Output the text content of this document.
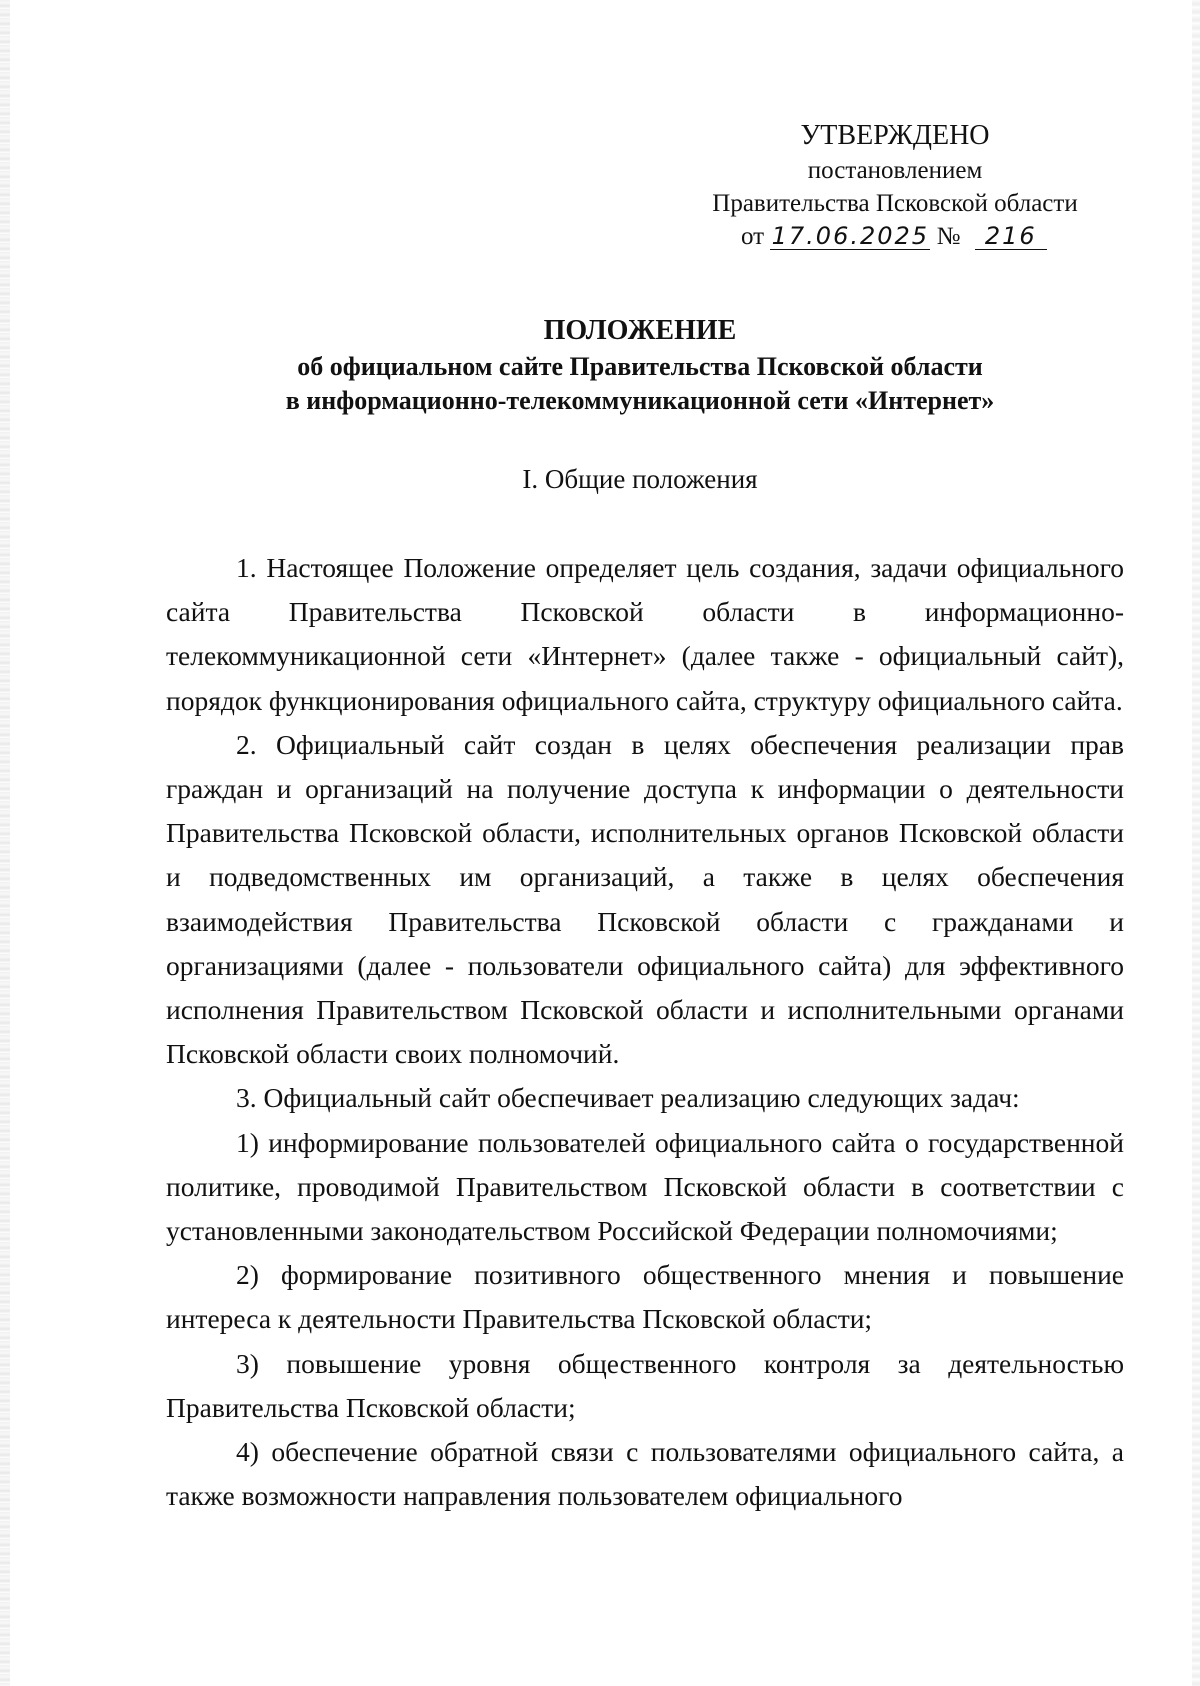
УТВЕРЖДЕНО
постановлением
Правительства Псковской области
от 17.06.2025 № 216
ПОЛОЖЕНИЕ
об официальном сайте Правительства Псковской области
в информационно-телекоммуникационной сети «Интернет»
I. Общие положения

1. Настоящее Положение определяет цель создания, задачи официального сайта Правительства Псковской области в информационно-телекоммуникационной сети «Интернет» (далее также - официальный сайт), порядок функционирования официального сайта, структуру официального сайта.

2. Официальный сайт создан в целях обеспечения реализации прав граждан и организаций на получение доступа к информации о деятельности Правительства Псковской области, исполнительных органов Псковской области и подведомственных им организаций, а также в целях обеспечения взаимодействия Правительства Псковской области с гражданами и организациями (далее - пользователи официального сайта) для эффективного исполнения Правительством Псковской области и исполнительными органами Псковской области своих полномочий.

3. Официальный сайт обеспечивает реализацию следующих задач:

1) информирование пользователей официального сайта о государственной политике, проводимой Правительством Псковской области в соответствии с установленными законодательством Российской Федерации полномочиями;

2) формирование позитивного общественного мнения и повышение интереса к деятельности Правительства Псковской области;

3) повышение уровня общественного контроля за деятельностью Правительства Псковской области;

4) обеспечение обратной связи с пользователями официального сайта, а также возможности направления пользователем официального
